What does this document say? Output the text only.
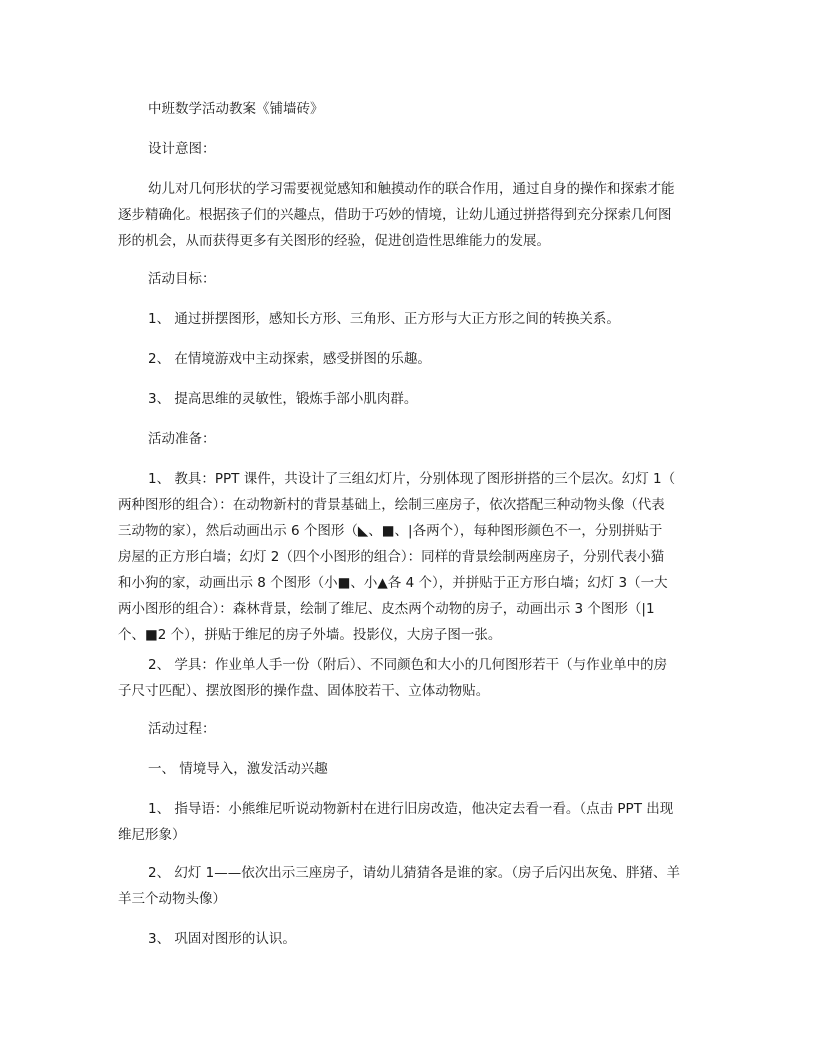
中班数学活动教案《铺墙砖》

设计意图：

幼儿对几何形状的学习需要视觉感知和触摸动作的联合作用，通过自身的操作和探索才能
逐步精确化。根据孩子们的兴趣点，借助于巧妙的情境，让幼儿通过拼搭得到充分探索几何图
形的机会，从而获得更多有关图形的经验，促进创造性思维能力的发展。

活动目标：

1、 通过拼摆图形，感知长方形、三角形、正方形与大正方形之间的转换关系。

2、 在情境游戏中主动探索，感受拼图的乐趣。

3、 提高思维的灵敏性，锻炼手部小肌肉群。

活动准备：

1、 教具：PPT 课件，共设计了三组幻灯片，分别体现了图形拼搭的三个层次。幻灯 1（
两种图形的组合）：在动物新村的背景基础上，绘制三座房子，依次搭配三种动物头像（代表
三动物的家），然后动画出示 6 个图形（◣、■、|各两个），每种图形颜色不一，分别拼贴于
房屋的正方形白墙；幻灯 2（四个小图形的组合）：同样的背景绘制两座房子，分别代表小猫
和小狗的家，动画出示 8 个图形（小■、小▲各 4 个），并拼贴于正方形白墙；幻灯 3（一大
两小图形的组合）：森林背景，绘制了维尼、皮杰两个动物的房子，动画出示 3 个图形（|1
个、■2 个），拼贴于维尼的房子外墙。投影仪，大房子图一张。
2、 学具：作业单人手一份（附后）、不同颜色和大小的几何图形若干（与作业单中的房
子尺寸匹配）、摆放图形的操作盘、固体胶若干、立体动物贴。

活动过程：

一、 情境导入，激发活动兴趣

1、 指导语：小熊维尼听说动物新村在进行旧房改造，他决定去看一看。（点击 PPT 出现
维尼形象）
2、 幻灯 1——依次出示三座房子，请幼儿猜猜各是谁的家。（房子后闪出灰兔、胖猪、羊
羊三个动物头像）

3、 巩固对图形的认识。
